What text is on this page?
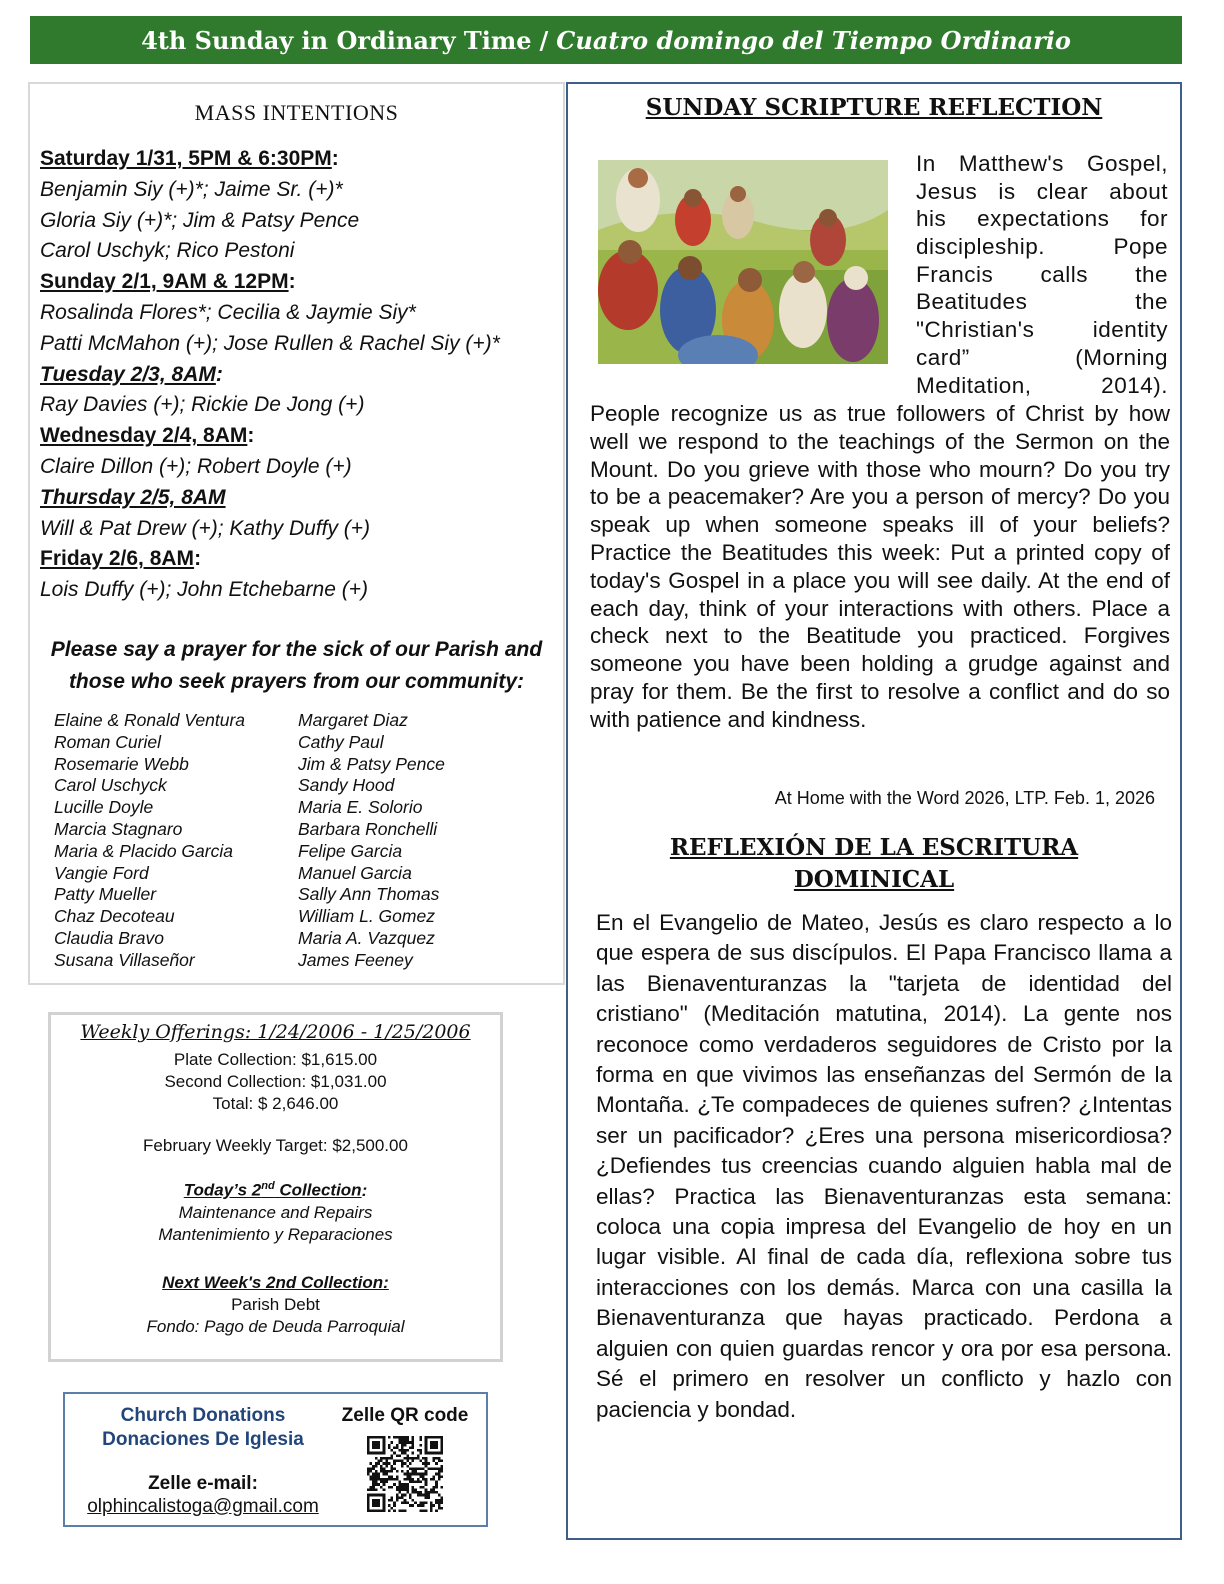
4th Sunday in Ordinary Time / Cuatro domingo del Tiempo Ordinario
MASS INTENTIONS
Saturday 1/31, 5PM & 6:30PM:
Benjamin Siy (+)*; Jaime Sr. (+)*
Gloria Siy (+)*; Jim & Patsy Pence
Carol Uschyk; Rico Pestoni
Sunday 2/1, 9AM & 12PM:
Rosalinda Flores*; Cecilia & Jaymie Siy*
Patti McMahon (+); Jose Rullen & Rachel Siy (+)*
Tuesday 2/3, 8AM:
Ray Davies (+); Rickie De Jong (+)
Wednesday 2/4, 8AM:
Claire Dillon (+); Robert Doyle (+)
Thursday 2/5, 8AM
Will & Pat Drew (+); Kathy Duffy (+)
Friday 2/6, 8AM:
Lois Duffy (+); John Etchebarne (+)
Please say a prayer for the sick of our Parish and
those who seek prayers from our community:
Elaine & Ronald Ventura
Roman Curiel
Rosemarie Webb
Carol Uschyck
Lucille Doyle
Marcia Stagnaro
Maria & Placido Garcia
Vangie Ford
Patty Mueller
Chaz Decoteau
Claudia Bravo
Susana Villaseñor
Margaret Diaz
Cathy Paul
Jim & Patsy Pence
Sandy Hood
Maria E. Solorio
Barbara Ronchelli
Felipe Garcia
Manuel Garcia
Sally Ann Thomas
William L. Gomez
Maria A. Vazquez
James Feeney
Weekly Offerings: 1/24/2006 - 1/25/2006
Plate Collection: $1,615.00
Second Collection: $1,031.00
Total: $ 2,646.00
February Weekly Target: $2,500.00
Today’s 2nd Collection:
Maintenance and Repairs
Mantenimiento y Reparaciones
Next Week's 2nd Collection:
Parish Debt
Fondo: Pago de Deuda Parroquial
Church Donations
Donaciones De Iglesia
Zelle e-mail:
olphincalistoga@gmail.com
Zelle QR code
SUNDAY SCRIPTURE REFLECTION
In Matthew's Gospel,
Jesus is clear about
his expectations for
discipleship. Pope
Francis calls the
Beatitudes the
"Christian's identity
card” (Morning
Meditation, 2014).
People recognize us as true followers of Christ by how well we respond to the teachings of the Sermon on the Mount. Do you grieve with those who mourn? Do you try to be a peacemaker? Are you a person of mercy? Do you speak up when someone speaks ill of your beliefs? Practice the Beatitudes this week: Put a printed copy of today's Gospel in a place you will see daily. At the end of each day, think of your interactions with others. Place a check next to the Beatitude you practiced. Forgives someone you have been holding a grudge against and pray for them. Be the first to resolve a conflict and do so with patience and kindness.
At Home with the Word 2026, LTP. Feb. 1, 2026
REFLEXIÓN DE LA ESCRITURA
DOMINICAL
En el Evangelio de Mateo, Jesús es claro respecto a lo que espera de sus discípulos. El Papa Francisco llama a las Bienaventuranzas la "tarjeta de identidad del cristiano" (Meditación matutina, 2014). La gente nos reconoce como verdaderos seguidores de Cristo por la forma en que vivimos las enseñanzas del Sermón de la Montaña. ¿Te compadeces de quienes sufren? ¿Intentas ser un pacificador? ¿Eres una persona misericordiosa? ¿Defiendes tus creencias cuando alguien habla mal de ellas? Practica las Bienaventuranzas esta semana: coloca una copia impresa del Evangelio de hoy en un lugar visible. Al final de cada día, reflexiona sobre tus interacciones con los demás. Marca con una casilla la Bienaventuranza que hayas practicado. Perdona a alguien con quien guardas rencor y ora por esa persona. Sé el primero en resolver un conflicto y hazlo con paciencia y bondad.
